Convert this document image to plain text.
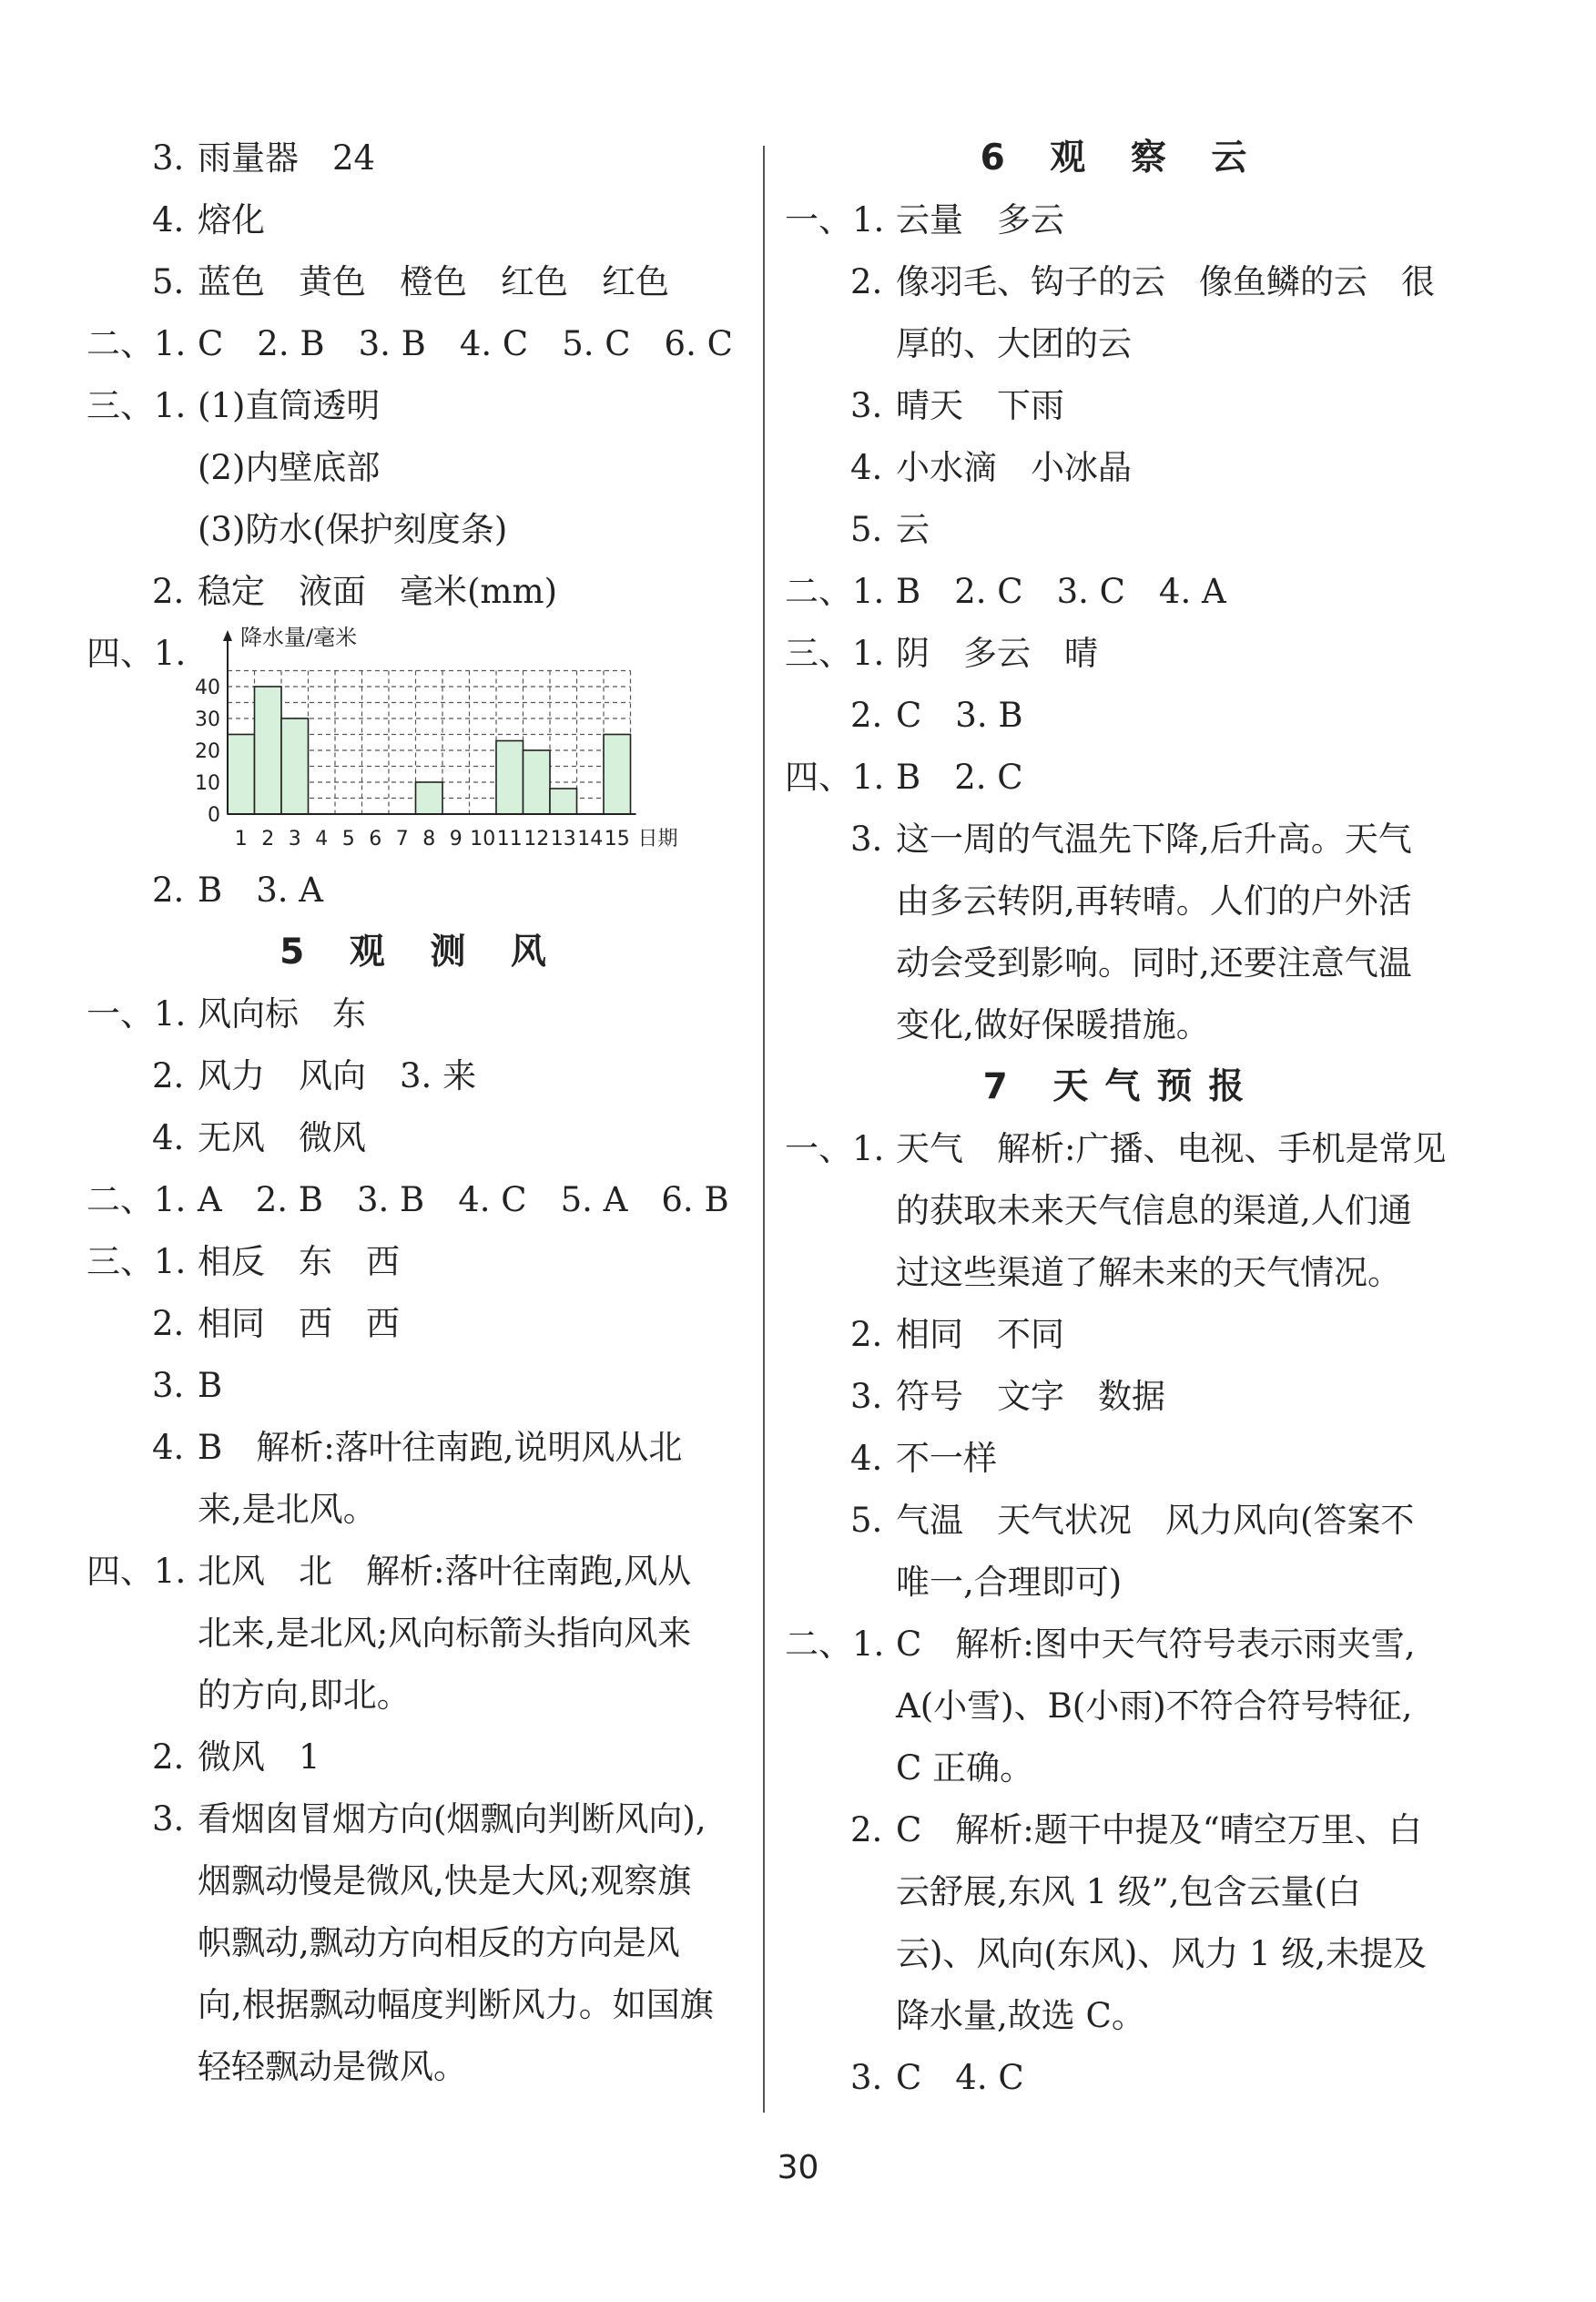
3. 雨量器　24
4. 熔化
5. 蓝色　黄色　橙色　红色　红色
二、1. C　2. B　3. B　4. C　5. C　6. C
三、1. (1)直筒透明
(2)内壁底部
(3)防水(保护刻度条)
2. 稳定　液面　毫米(mm)
四、1.
0
10
20
30
40
1 2 3 4 5 6 7 8 9 10 11 12 13 14 15
降水量/毫米
日期
2. B　3. A
5 观 测 风
一、1. 风向标　东
2. 风力　风向　3. 来
4. 无风　微风
二、1. A　2. B　3. B　4. C　5. A　6. B
三、1. 相反　东　西
2. 相同　西　西
3. B
4. B　解析:落叶往南跑,说明风从北
来,是北风。
四、1. 北风　北　解析:落叶往南跑,风从
北来,是北风;风向标箭头指向风来
的方向,即北。
2. 微风　1
3. 看烟囱冒烟方向(烟飘向判断风向),
烟飘动慢是微风,快是大风;观察旗
帜飘动,飘动方向相反的方向是风
向,根据飘动幅度判断风力。如国旗
轻轻飘动是微风。
6 观 察 云
一、1. 云量　多云
2. 像羽毛、钩子的云　像鱼鳞的云　很
厚的、大团的云
3. 晴天　下雨
4. 小水滴　小冰晶
5. 云
二、1. B　2. C　3. C　4. A
三、1. 阴　多云　晴
2. C　3. B
四、1. B　2. C
3. 这一周的气温先下降,后升高。天气
由多云转阴,再转晴。人们的户外活
动会受到影响。同时,还要注意气温
变化,做好保暖措施。
7 天气预报
一、1. 天气　解析:广播、电视、手机是常见
的获取未来天气信息的渠道,人们通
过这些渠道了解未来的天气情况。
2. 相同　不同
3. 符号　文字　数据
4. 不一样
5. 气温　天气状况　风力风向(答案不
唯一,合理即可)
二、1. C　解析:图中天气符号表示雨夹雪,
A(小雪)、B(小雨)不符合符号特征,
C 正确。
2. C　解析:题干中提及“晴空万里、白
云舒展,东风 1 级”,包含云量(白
云)、风向(东风)、风力 1 级,未提及
降水量,故选 C。
3. C　4. C
30
